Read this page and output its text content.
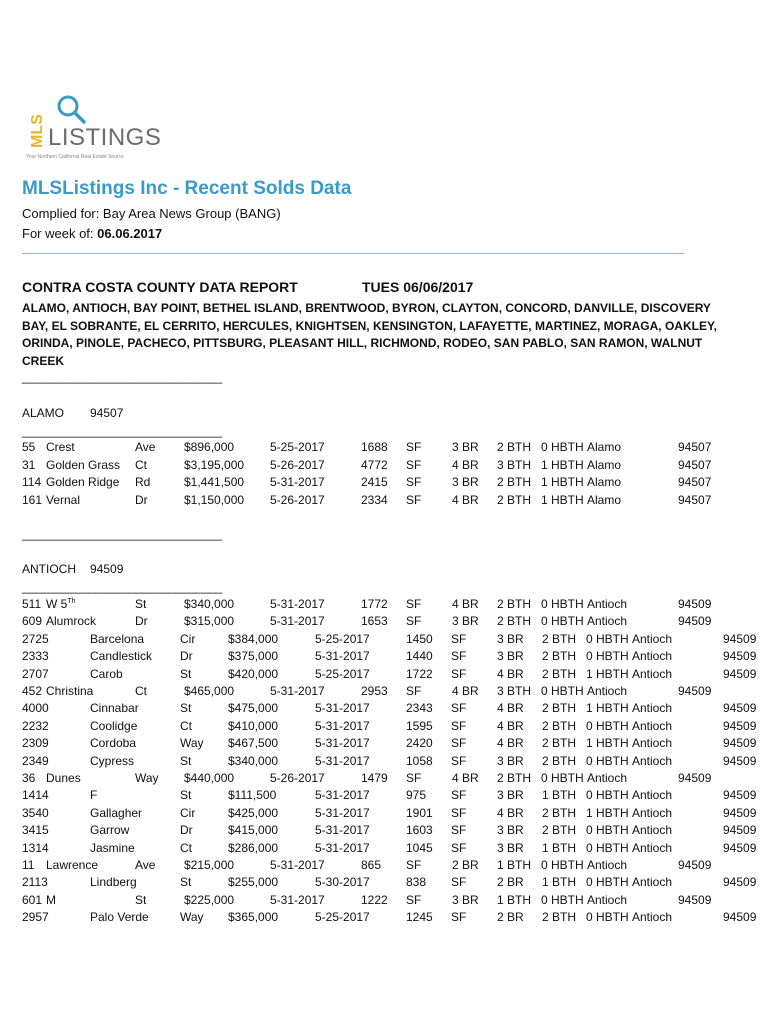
MLS LISTINGS
Your Northern California Real Estate Source
MLSListings Inc - Recent Solds Data
Complied for: Bay Area News Group (BANG)
For week of: 06.06.2017
CONTRA COSTA COUNTY DATA REPORT	TUES 06/06/2017
ALAMO, ANTIOCH, BAY POINT, BETHEL ISLAND, BRENTWOOD, BYRON, CLAYTON, CONCORD, DANVILLE, DISCOVERY BAY, EL SOBRANTE, EL CERRITO, HERCULES, KNIGHTSEN, KENSINGTON, LAFAYETTE, MARTINEZ, MORAGA, OAKLEY, ORINDA, PINOLE, PACHECO, PITTSBURG, PLEASANT HILL, RICHMOND, RODEO, SAN PABLO, SAN RAMON, WALNUT CREEK
______________________________
ALAMO 94507
______________________________
55 Crest	Ave $896,000	5-25-2017	1688 SF	3 BR 2 BTH 0 HBTH Alamo	94507
31 Golden Grass Ct	$3,195,000 5-26-2017	4772 SF	4 BR 3 BTH 1 HBTH Alamo	94507
114 Golden Ridge Rd	$1,441,500 5-31-2017	2415 SF	3 BR 2 BTH 1 HBTH Alamo	94507
161 Vernal	Dr	$1,150,000 5-26-2017	2334 SF	4 BR 2 BTH 1 HBTH Alamo	94507
______________________________
ANTIOCH 94509
______________________________
511 W 5Th	St	$340,000	5-31-2017	1772 SF	4 BR 2 BTH 0 HBTH Antioch	94509
609 Alumrock	Dr	$315,000	5-31-2017	1653 SF	3 BR 2 BTH 0 HBTH Antioch	94509
2725	Barcelona	Cir	$384,000	5-25-2017	1450 SF	3 BR 2 BTH 0 HBTH Antioch	94509
2333	Candlestick Dr	$375,000	5-31-2017	1440 SF	3 BR 2 BTH 0 HBTH Antioch	94509
2707	Carob	St	$420,000	5-25-2017	1722 SF	4 BR 2 BTH 1 HBTH Antioch	94509
452 Christina	Ct	$465,000	5-31-2017	2953 SF	4 BR 3 BTH 0 HBTH Antioch	94509
4000	Cinnabar	St	$475,000	5-31-2017	2343 SF	4 BR 2 BTH 1 HBTH Antioch	94509
2232	Coolidge	Ct	$410,000	5-31-2017	1595 SF	4 BR 2 BTH 0 HBTH Antioch	94509
2309	Cordoba	Way $467,500	5-31-2017	2420 SF	4 BR 2 BTH 1 HBTH Antioch	94509
2349	Cypress	St	$340,000	5-31-2017	1058 SF	3 BR 2 BTH 0 HBTH Antioch	94509
36 Dunes	Way $440,000	5-26-2017	1479 SF	4 BR 2 BTH 0 HBTH Antioch	94509
1414	F	St	$111,500	5-31-2017	975 SF	3 BR 1 BTH 0 HBTH Antioch	94509
3540	Gallagher	Cir	$425,000	5-31-2017	1901 SF	4 BR 2 BTH 1 HBTH Antioch	94509
3415	Garrow	Dr	$415,000	5-31-2017	1603 SF	3 BR 2 BTH 0 HBTH Antioch	94509
1314	Jasmine	Ct	$286,000	5-31-2017	1045 SF	3 BR 1 BTH 0 HBTH Antioch	94509
11 Lawrence	Ave $215,000	5-31-2017	865 SF	2 BR 1 BTH 0 HBTH Antioch	94509
2113	Lindberg	St	$255,000	5-30-2017	838 SF	2 BR 1 BTH 0 HBTH Antioch	94509
601 M	St	$225,000	5-31-2017	1222 SF	3 BR 1 BTH 0 HBTH Antioch	94509
2957	Palo Verde	Way $365,000	5-25-2017	1245 SF	2 BR 2 BTH 0 HBTH Antioch	94509
